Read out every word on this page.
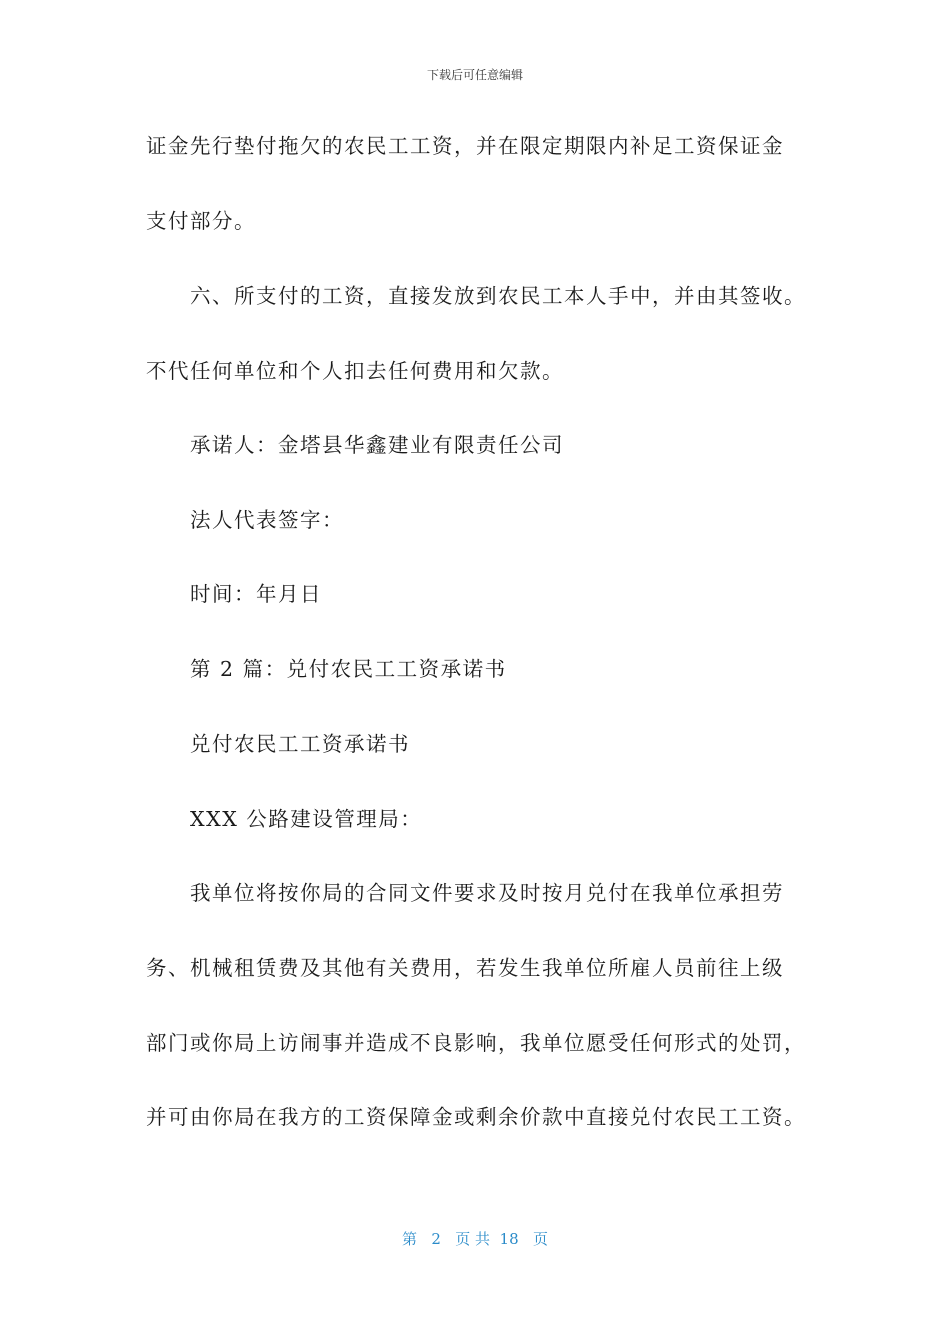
下载后可任意编辑
证金先行垫付拖欠的农民工工资，并在限定期限内补足工资保证金
支付部分。
六、所支付的工资，直接发放到农民工本人手中，并由其签收。
不代任何单位和个人扣去任何费用和欠款。
承诺人：金塔县华鑫建业有限责任公司
法人代表签字：
时间：年月日
第 2 篇：兑付农民工工资承诺书
兑付农民工工资承诺书
XXX 公路建设管理局：
我单位将按你局的合同文件要求及时按月兑付在我单位承担劳
务、机械租赁费及其他有关费用，若发生我单位所雇人员前往上级
部门或你局上访闹事并造成不良影响，我单位愿受任何形式的处罚，
并可由你局在我方的工资保障金或剩余价款中直接兑付农民工工资。
第 2 页 共 18 页
